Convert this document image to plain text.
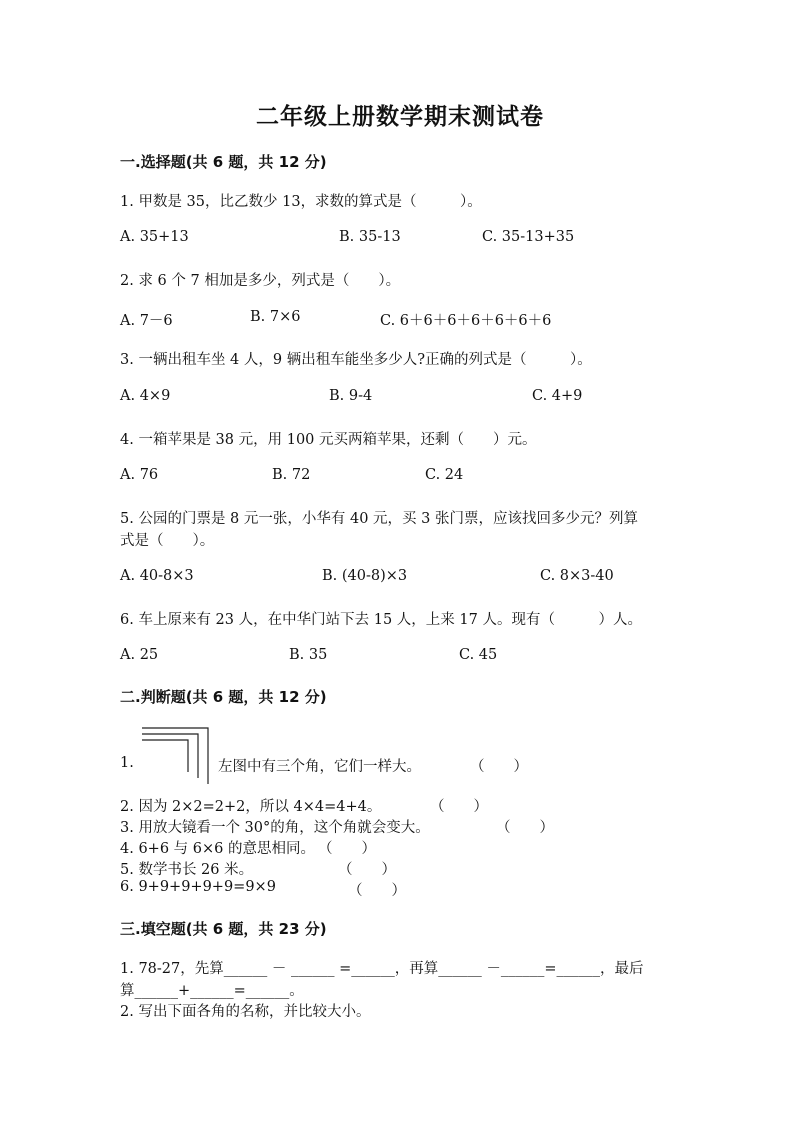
二年级上册数学期末测试卷
一.选择题(共 6 题，共 12 分)
1. 甲数是 35，比乙数少 13，求数的算式是（　　　）。
A. 35+13	B. 35-13	C. 35-13+35
2. 求 6 个 7 相加是多少，列式是（　　）。
A. 7－6	B. 7×6	C. 6＋6＋6＋6＋6＋6＋6
3. 一辆出租车坐 4 人，9 辆出租车能坐多少人?正确的列式是（　　　）。
A. 4×9	B. 9-4	C. 4+9
4. 一箱苹果是 38 元，用 100 元买两箱苹果，还剩（　　）元。
A. 76	B. 72	C. 24
5. 公园的门票是 8 元一张，小华有 40 元，买 3 张门票，应该找回多少元？列算
式是（　　）。
A. 40-8×3	B. (40-8)×3	C. 8×3-40
6. 车上原来有 23 人，在中华门站下去 15 人，上来 17 人。现有（　　　）人。
A. 25	B. 35	C. 45
二.判断题(共 6 题，共 12 分)
1.	左图中有三个角，它们一样大。	（　　）
2. 因为 2×2=2+2，所以 4×4=4+4。	（　　）
3. 用放大镜看一个 30°的角，这个角就会变大。	（　　）
4. 6+6 与 6×6 的意思相同。 （　　）
5. 数学书长 26 米。	（　　）
6. 9+9+9+9+9=9×9	（　　）
三.填空题(共 6 题，共 23 分)
1. 78-27，先算______ － ______ =______，再算______ －______=______，最后
算______+______=______。
2. 写出下面各角的名称，并比较大小。
